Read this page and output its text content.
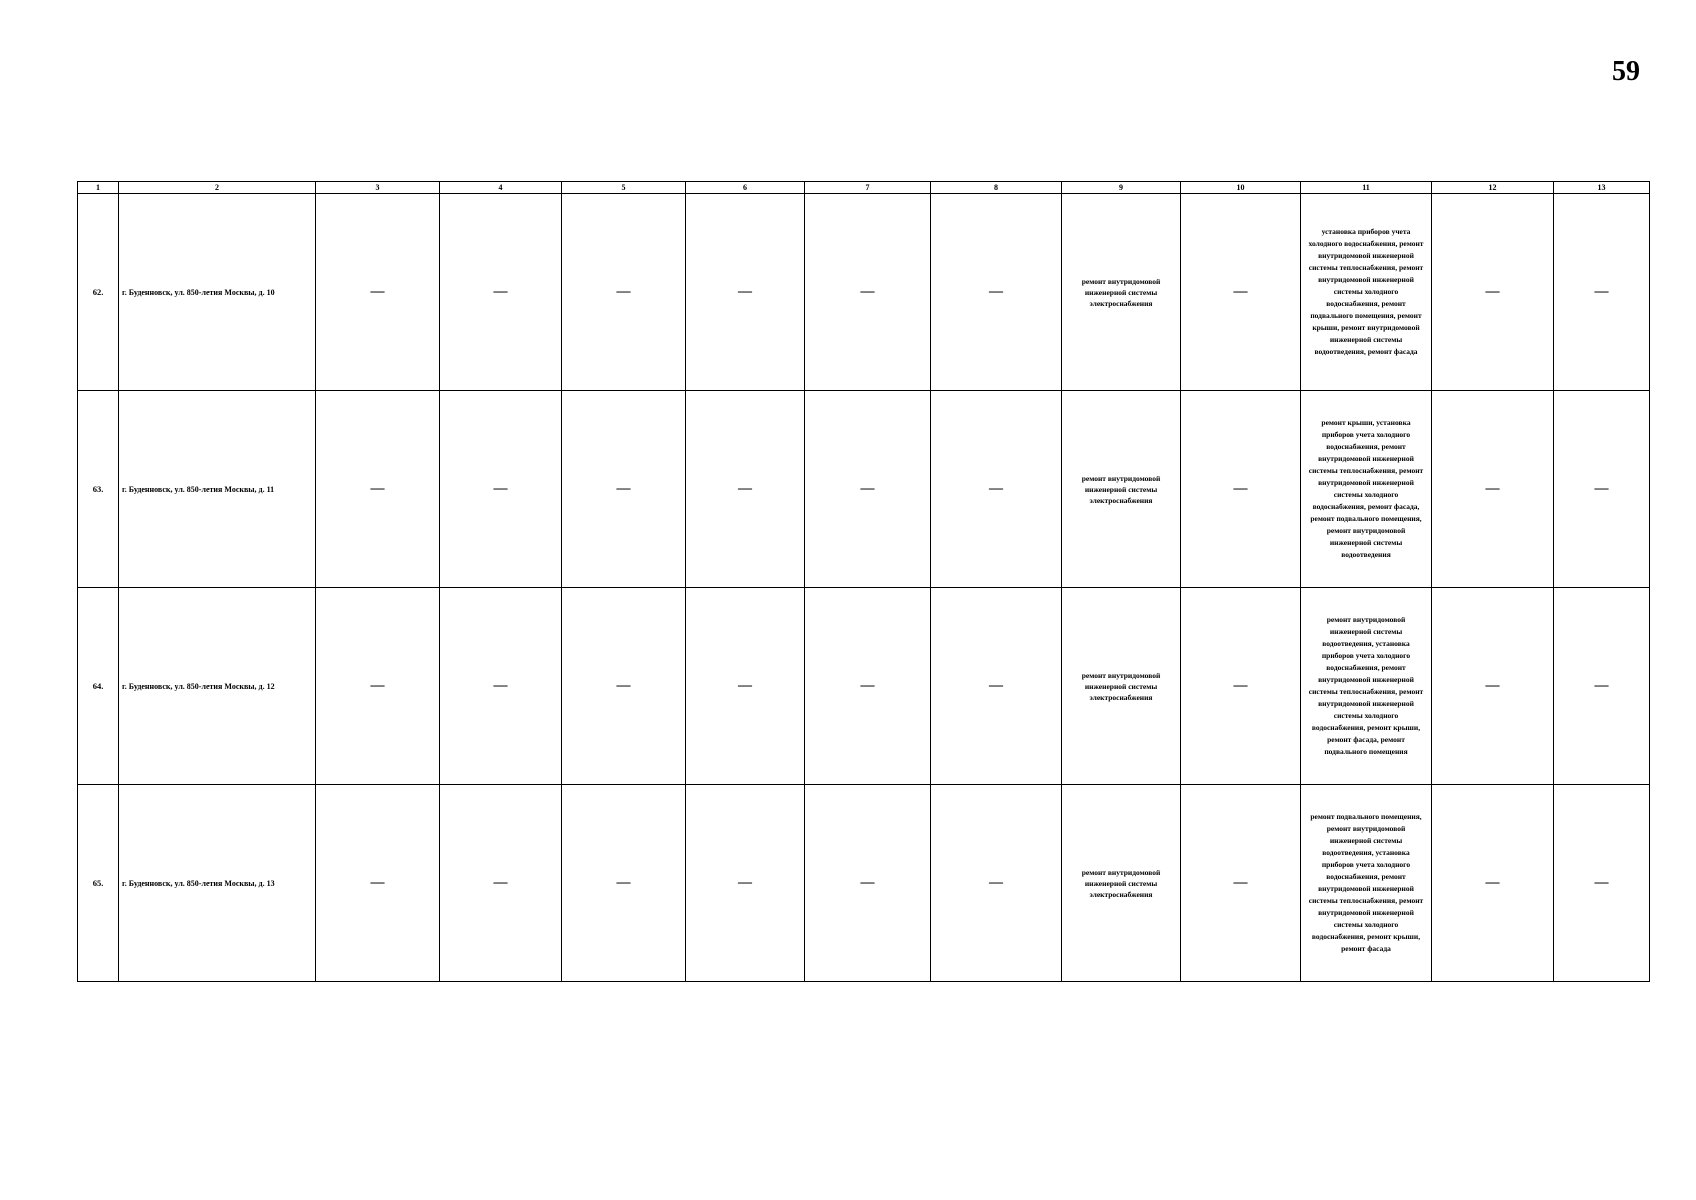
59
1	2	3	4	5	6	7	8	9	10	11	12	13
62.	г. Буденновск, ул. 850-летия Москвы, д. 10	—	—	—	—	—	—	ремонт внутридомовой инженерной системы электроснабжения	—	установка приборов учета холодного водоснабжения, ремонт внутридомовой инженерной системы теплоснабжения, ремонт внутридомовой инженерной системы холодного водоснабжения, ремонт подвального помещения, ремонт крыши, ремонт внутридомовой инженерной системы водоотведения, ремонт фасада	—	—
63.	г. Буденновск, ул. 850-летия Москвы, д. 11	—	—	—	—	—	—	ремонт внутридомовой инженерной системы электроснабжения	—	ремонт крыши, установка приборов учета холодного водоснабжения, ремонт внутридомовой инженерной системы теплоснабжения, ремонт внутридомовой инженерной системы холодного водоснабжения, ремонт фасада, ремонт подвального помещения, ремонт внутридомовой инженерной системы водоотведения	—	—
64.	г. Буденновск, ул. 850-летия Москвы, д. 12	—	—	—	—	—	—	ремонт внутридомовой инженерной системы электроснабжения	—	ремонт внутридомовой инженерной системы водоотведения, установка приборов учета холодного водоснабжения, ремонт внутридомовой инженерной системы теплоснабжения, ремонт внутридомовой инженерной системы холодного водоснабжения, ремонт крыши, ремонт фасада, ремонт подвального помещения	—	—
65.	г. Буденновск, ул. 850-летия Москвы, д. 13	—	—	—	—	—	—	ремонт внутридомовой инженерной системы электроснабжения	—	ремонт подвального помещения, ремонт внутридомовой инженерной системы водоотведения, установка приборов учета холодного водоснабжения, ремонт внутридомовой инженерной системы теплоснабжения, ремонт внутридомовой инженерной системы холодного водоснабжения, ремонт крыши, ремонт фасада	—	—
